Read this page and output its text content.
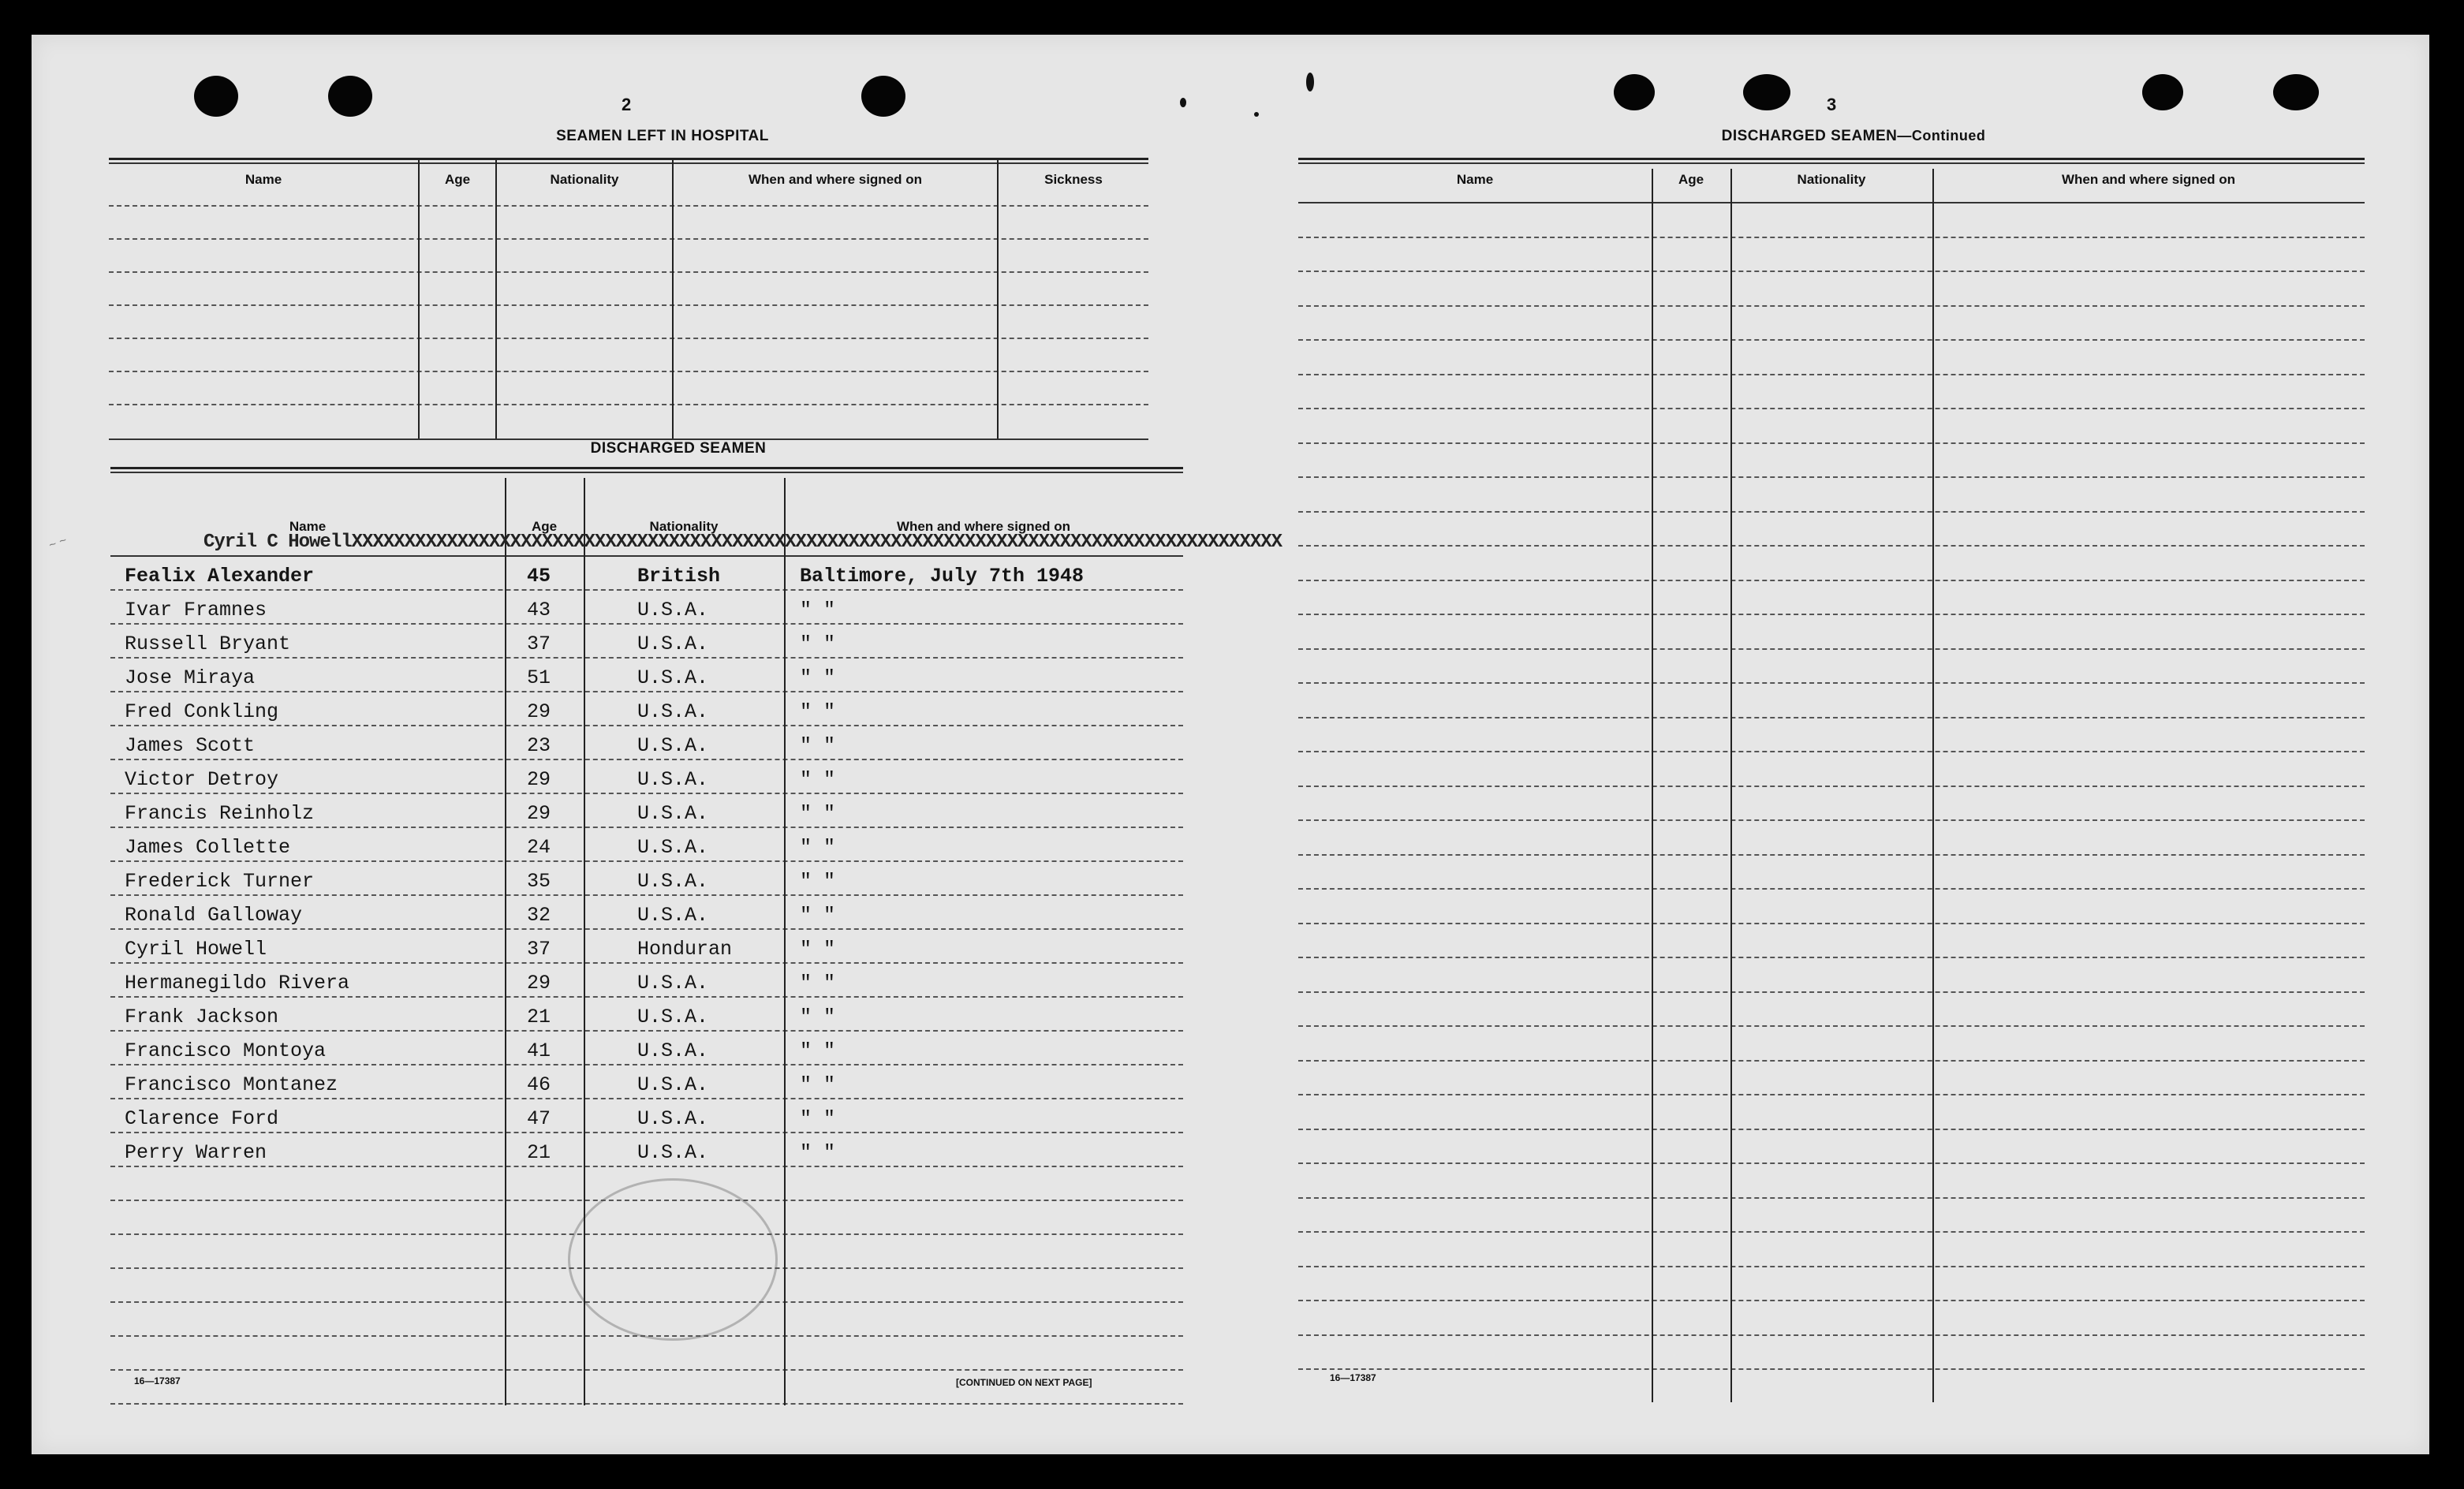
~ ~
2
SEAMEN LEFT IN HOSPITAL
Name	Age	Nationality	When and where signed on	Sickness
DISCHARGED SEAMEN
Name	Age	Nationality	When and where signed on
Cyril C HowellXXXXXXXXXXXXXXXXXXXXXXXXXXXXXXXXXXXXXXXXXXXXXXXXXXXXXXXXXXXXXXXXXXXXXXXXXXXXXXXXXXXXXXXX
Fealix Alexander	45	British	Baltimore, July 7th 1948
Ivar Framnes	43	U.S.A.	" "
Russell Bryant	37	U.S.A.	" "
Jose Miraya	51	U.S.A.	" "
Fred Conkling	29	U.S.A.	" "
James Scott	23	U.S.A.	" "
Victor Detroy	29	U.S.A.	" "
Francis Reinholz	29	U.S.A.	" "
James Collette	24	U.S.A.	" "
Frederick Turner	35	U.S.A.	" "
Ronald Galloway	32	U.S.A.	" "
Cyril Howell	37	Honduran	" "
Hermanegildo Rivera	29	U.S.A.	" "
Frank Jackson	21	U.S.A.	" "
Francisco Montoya	41	U.S.A.	" "
Francisco Montanez	46	U.S.A.	" "
Clarence Ford	47	U.S.A.	" "
Perry Warren	21	U.S.A.	" "
16—17387	[CONTINUED ON NEXT PAGE]
3
DISCHARGED SEAMEN—Continued
Name	Age	Nationality	When and where signed on
16—17387
